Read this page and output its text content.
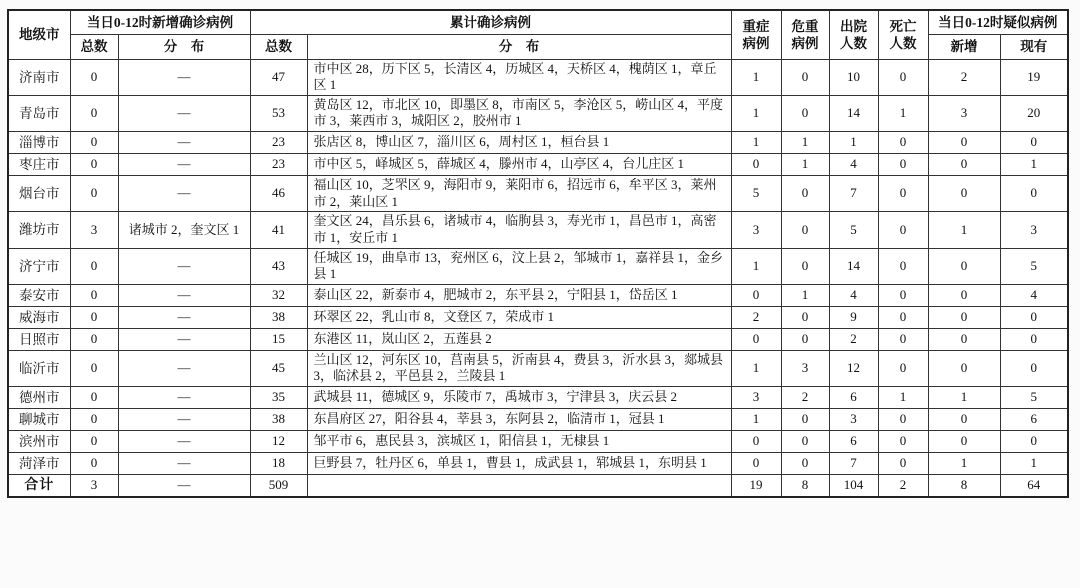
地级市	当日0-12时新增确诊病例		累计确诊病例		重症病例	危重病例	出院人数	死亡人数	当日0-12时疑似病例	
	总数	分　布	总数	分　布					新增	现有
济南市	0	—	47	市中区 28，历下区 5，长清区 4，历城区 4，天桥区 4，槐荫区 1，章丘区 1	1	0	10	0	2	19
青岛市	0	—	53	黄岛区 12，市北区 10，即墨区 8，市南区 5，李沧区 5，崂山区 4，平度市 3，莱西市 3，城阳区 2，胶州市 1	1	0	14	1	3	20
淄博市	0	—	23	张店区 8，博山区 7，淄川区 6，周村区 1，桓台县 1	1	1	1	0	0	0
枣庄市	0	—	23	市中区 5，峄城区 5，薛城区 4，滕州市 4，山亭区 4，台儿庄区 1	0	1	4	0	0	1
烟台市	0	—	46	福山区 10，芝罘区 9，海阳市 9，莱阳市 6，招远市 6，牟平区 3，莱州市 2，莱山区 1	5	0	7	0	0	0
潍坊市	3	诸城市 2，奎文区 1	41	奎文区 24，昌乐县 6，诸城市 4，临朐县 3，寿光市 1，昌邑市 1，高密市 1，安丘市 1	3	0	5	0	1	3
济宁市	0	—	43	任城区 19，曲阜市 13，兖州区 6，汶上县 2，邹城市 1，嘉祥县 1，金乡县 1	1	0	14	0	0	5
泰安市	0	—	32	泰山区 22，新泰市 4，肥城市 2，东平县 2，宁阳县 1，岱岳区 1	0	1	4	0	0	4
威海市	0	—	38	环翠区 22，乳山市 8，文登区 7，荣成市 1	2	0	9	0	0	0
日照市	0	—	15	东港区 11，岚山区 2，五莲县 2	0	0	2	0	0	0
临沂市	0	—	45	兰山区 12，河东区 10，莒南县 5，沂南县 4，费县 3，沂水县 3，郯城县 3，临沭县 2，平邑县 2，兰陵县 1	1	3	12	0	0	0
德州市	0	—	35	武城县 11，德城区 9，乐陵市 7，禹城市 3，宁津县 3，庆云县 2	3	2	6	1	1	5
聊城市	0	—	38	东昌府区 27，阳谷县 4，莘县 3，东阿县 2，临清市 1，冠县 1	1	0	3	0	0	6
滨州市	0	—	12	邹平市 6，惠民县 3，滨城区 1，阳信县 1，无棣县 1	0	0	6	0	0	0
菏泽市	0	—	18	巨野县 7，牡丹区 6，单县 1，曹县 1，成武县 1，郓城县 1，东明县 1	0	0	7	0	1	1
合计	3	—	509		19	8	104	2	8	64
